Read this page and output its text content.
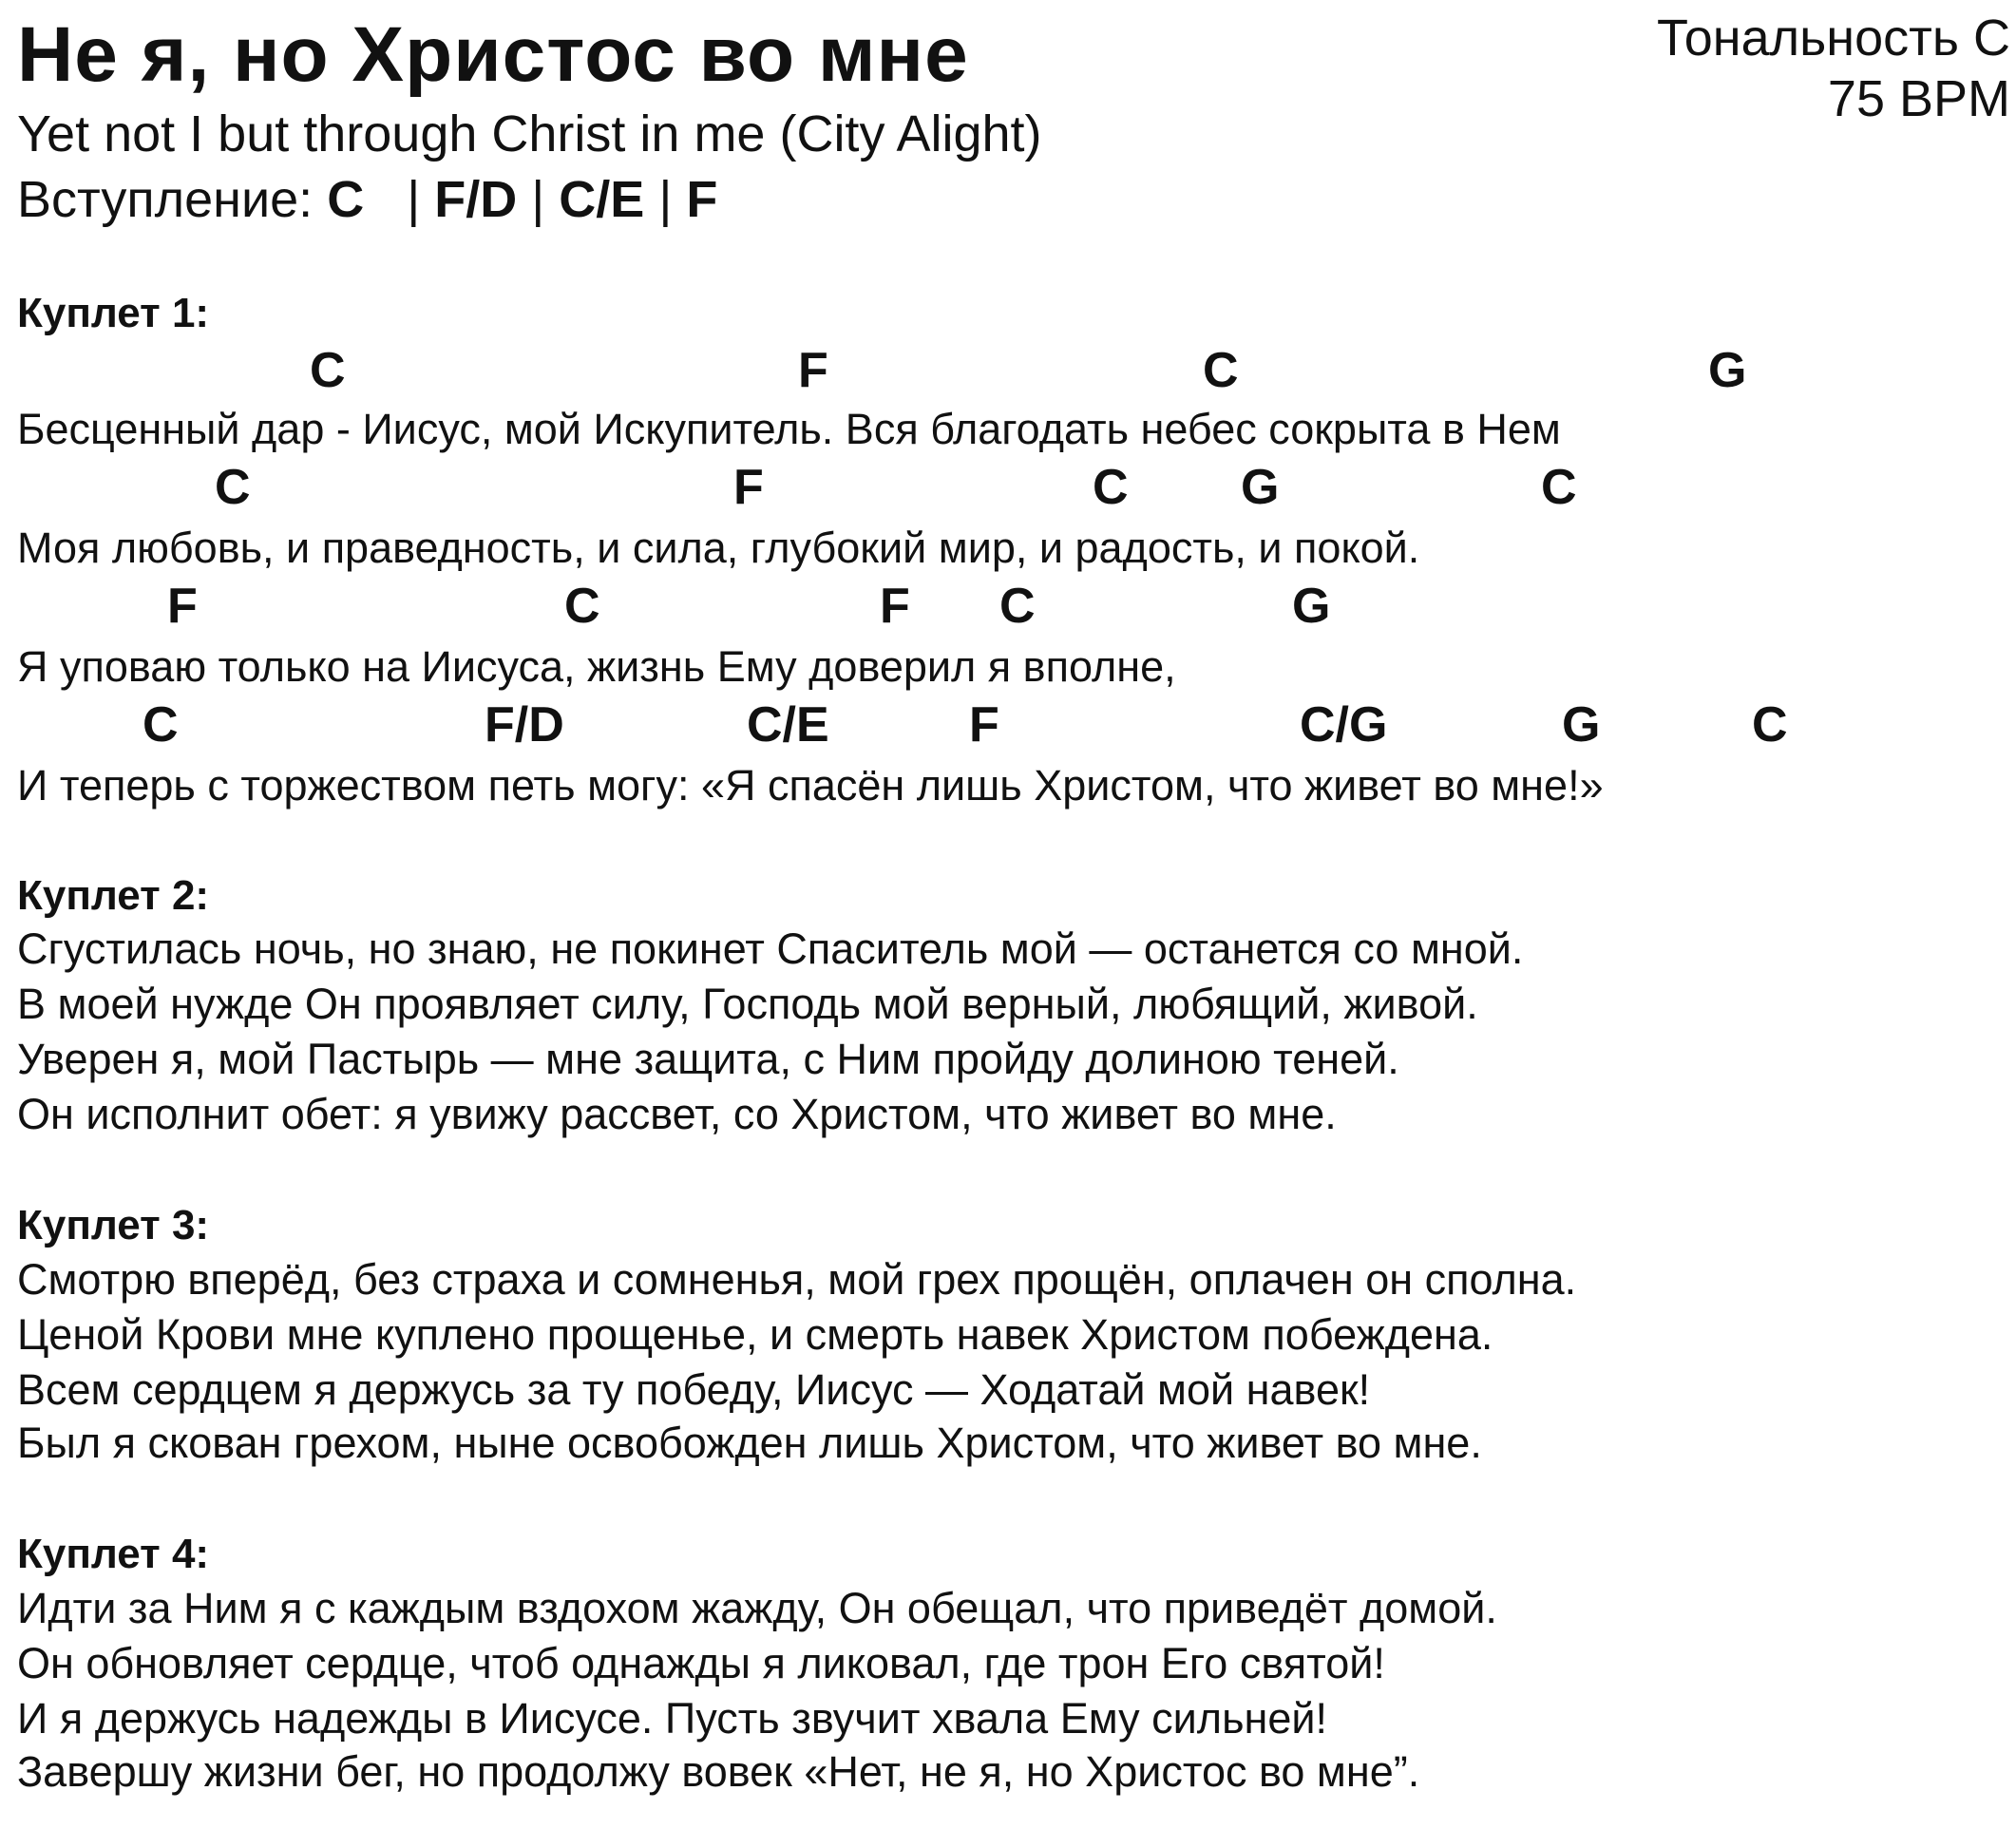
Не я, но Христос во мне
Yet not I but through Christ in me (City Alight)
Вступление: C   | F/D | C/E | F
Тональность C
75 BPM
Куплет 1:
C	F	C	G
Бесценный дар - Иисус, мой Искупитель. Вся благодать небес сокрыта в Нем
C	F	C G	C
Моя любовь, и праведность, и сила, глубокий мир, и радость, и покой.
F	C	F C	G
Я уповаю только на Иисуса, жизнь Ему доверил я вполне,
C	F/D	C/E	F	C/G	G	C
И теперь с торжеством петь могу: «Я спасён лишь Христом, что живет во мне!»
Куплет 2:
Сгустилась ночь, но знаю, не покинет Спаситель мой — останется со мной.
В моей нужде Он проявляет силу, Господь мой верный, любящий, живой.
Уверен я, мой Пастырь — мне защита, с Ним пройду долиною теней.
Он исполнит обет: я увижу рассвет, со Христом, что живет во мне.
Куплет 3:
Смотрю вперёд, без страха и сомненья, мой грех прощён, оплачен он сполна.
Ценой Крови мне куплено прощенье, и смерть навек Христом побеждена.
Всем сердцем я держусь за ту победу, Иисус — Ходатай мой навек!
Был я скован грехом, ныне освобожден лишь Христом, что живет во мне.
Куплет 4:
Идти за Ним я с каждым вздохом жажду, Он обещал, что приведёт домой.
Он обновляет сердце, чтоб однажды я ликовал, где трон Его святой!
И я держусь надежды в Иисусе. Пусть звучит хвала Ему сильней!
Завершу жизни бег, но продолжу вовек «Нет, не я, но Христос во мне”.
